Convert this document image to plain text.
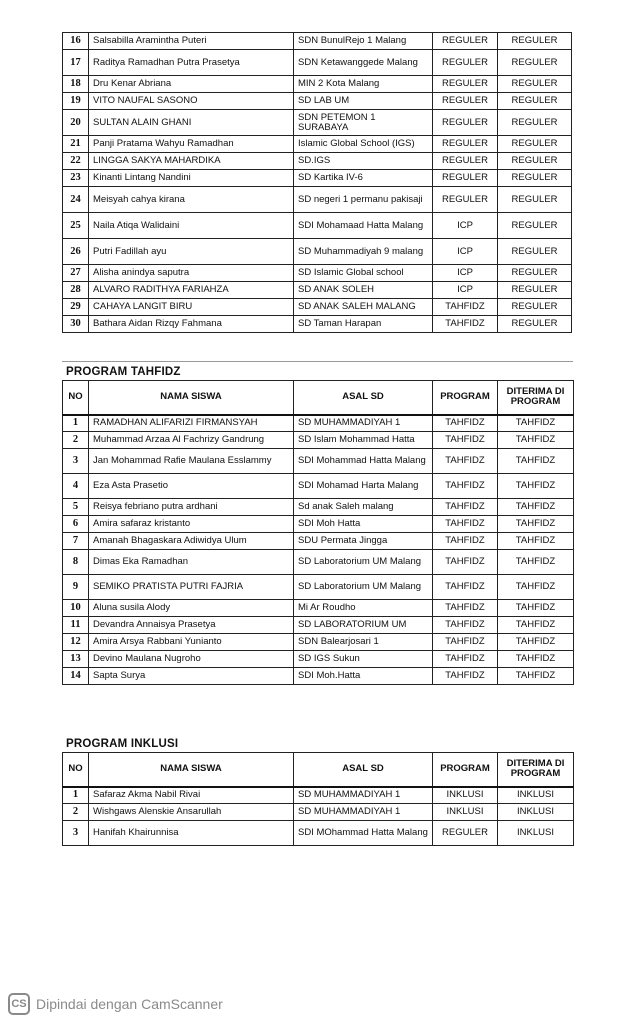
16	Salsabilla Aramintha Puteri	SDN BunulRejo 1 Malang	REGULER	REGULER
17	Raditya Ramadhan Putra Prasetya	SDN Ketawanggede Malang	REGULER	REGULER
18	Dru Kenar Abriana	MIN 2 Kota Malang	REGULER	REGULER
19	VITO NAUFAL SASONO	SD LAB UM	REGULER	REGULER
20	SULTAN ALAIN GHANI	SDN PETEMON 1 SURABAYA	REGULER	REGULER
21	Panji Pratama Wahyu Ramadhan	Islamic Global School (IGS)	REGULER	REGULER
22	LINGGA SAKYA MAHARDIKA	SD.IGS	REGULER	REGULER
23	Kinanti Lintang Nandini	SD Kartika IV-6	REGULER	REGULER
24	Meisyah cahya kirana	SD negeri 1 permanu pakisaji	REGULER	REGULER
25	Naila Atiqa Walidaini	SDI Mohamaad Hatta Malang	ICP	REGULER
26	Putri Fadillah ayu	SD Muhammadiyah 9 malang	ICP	REGULER
27	Alisha anindya saputra	SD Islamic Global school	ICP	REGULER
28	ALVARO RADITHYA FARIAHZA	SD ANAK SOLEH	ICP	REGULER
29	CAHAYA LANGIT BIRU	SD ANAK SALEH MALANG	TAHFIDZ	REGULER
30	Bathara Aidan Rizqy Fahmana	SD Taman Harapan	TAHFIDZ	REGULER
PROGRAM TAHFIDZ
NO	NAMA SISWA	ASAL SD	PROGRAM	DITERIMA DI PROGRAM
1	RAMADHAN ALIFARIZI FIRMANSYAH	SD MUHAMMADIYAH 1	TAHFIDZ	TAHFIDZ
2	Muhammad Arzaa Al Fachrizy Gandrung	SD Islam Mohammad Hatta	TAHFIDZ	TAHFIDZ
3	Jan Mohammad Rafie Maulana Esslammy	SDI Mohammad Hatta Malang	TAHFIDZ	TAHFIDZ
4	Eza Asta Prasetio	SDI Mohamad Harta Malang	TAHFIDZ	TAHFIDZ
5	Reisya febriano putra ardhani	Sd anak Saleh malang	TAHFIDZ	TAHFIDZ
6	Amira safaraz kristanto	SDI Moh Hatta	TAHFIDZ	TAHFIDZ
7	Amanah Bhagaskara Adiwidya Ulum	SDU Permata Jingga	TAHFIDZ	TAHFIDZ
8	Dimas Eka Ramadhan	SD Laboratorium UM Malang	TAHFIDZ	TAHFIDZ
9	SEMIKO PRATISTA PUTRI FAJRIA	SD Laboratorium UM Malang	TAHFIDZ	TAHFIDZ
10	Aluna susila Alody	Mi Ar Roudho	TAHFIDZ	TAHFIDZ
11	Devandra Annaisya Prasetya	SD LABORATORIUM UM	TAHFIDZ	TAHFIDZ
12	Amira Arsya Rabbani Yunianto	SDN Balearjosari 1	TAHFIDZ	TAHFIDZ
13	Devino Maulana Nugroho	SD IGS Sukun	TAHFIDZ	TAHFIDZ
14	Sapta Surya	SDI Moh.Hatta	TAHFIDZ	TAHFIDZ
PROGRAM INKLUSI
NO	NAMA SISWA	ASAL SD	PROGRAM	DITERIMA DI PROGRAM
1	Safaraz Akma Nabil Rivai	SD MUHAMMADIYAH 1	INKLUSI	INKLUSI
2	Wishgaws Alenskie Ansarullah	SD MUHAMMADIYAH 1	INKLUSI	INKLUSI
3	Hanifah Khairunnisa	SDI MOhammad Hatta Malang	REGULER	INKLUSI
CS Dipindai dengan CamScanner
